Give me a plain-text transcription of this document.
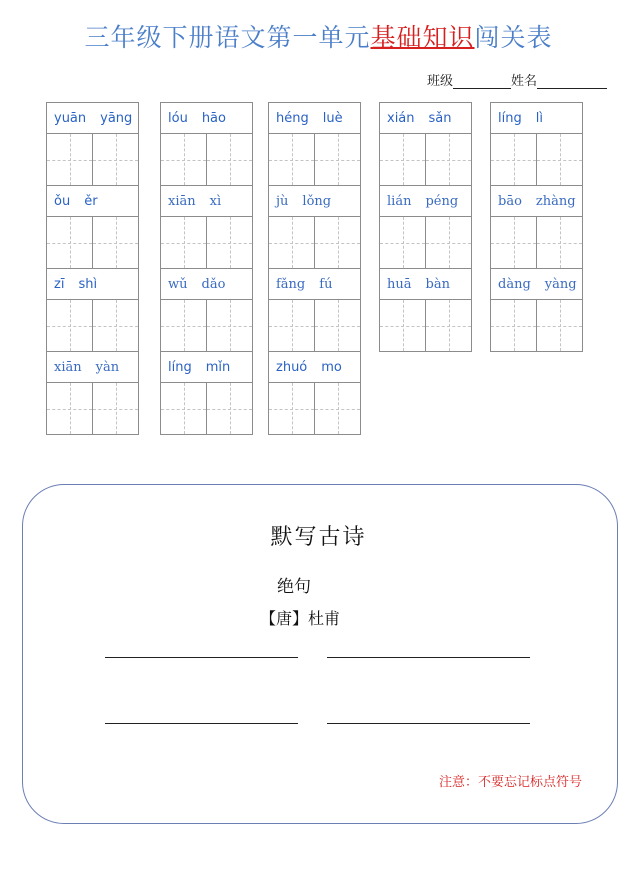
三年级下册语文第一单元基础知识闯关表
班级	姓名
yuān yāng
ǒu ěr
zī shì
xiān yàn
lóu hāo
xiān xì
wǔ dǎo
líng mǐn
héng luè
jù lǒng
fǎng fú
zhuó mo
xián sǎn
lián péng
huā bàn
líng lì
bāo zhàng
dàng yàng
默写古诗
绝句
【唐】杜甫
注意：不要忘记标点符号
